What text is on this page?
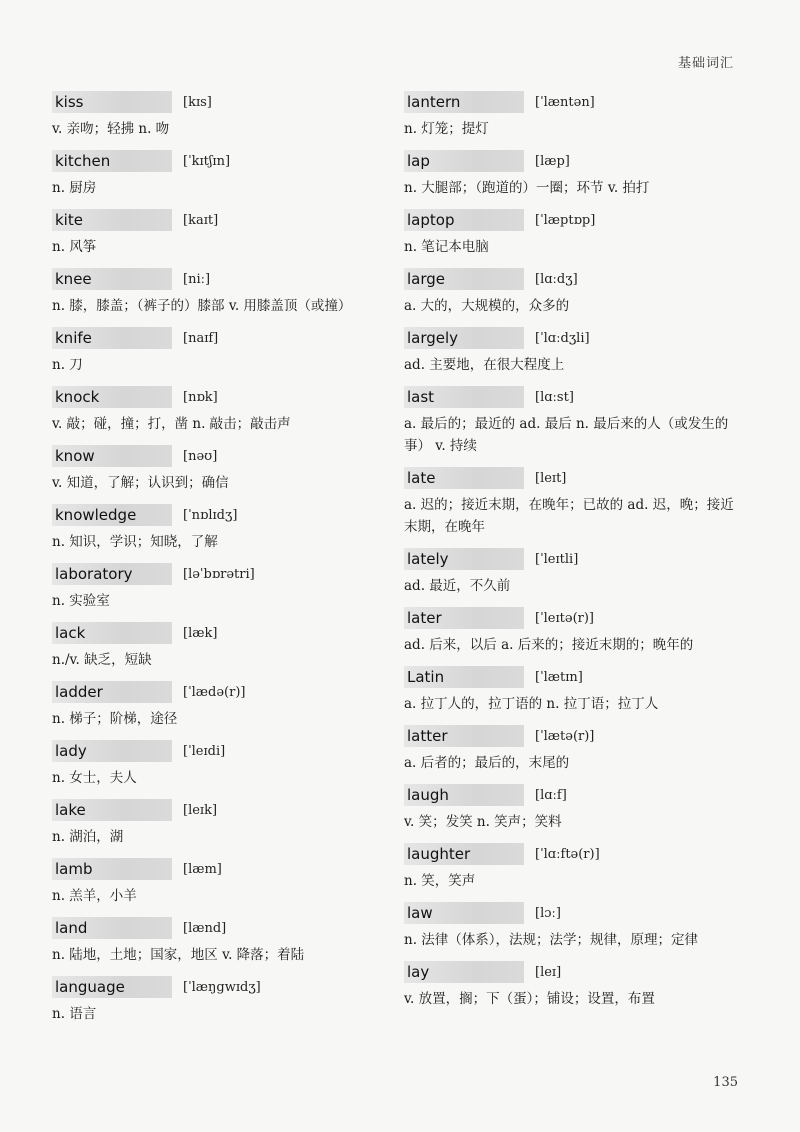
基础词汇
kiss	[kɪs]
v. 亲吻；轻拂 n. 吻
kitchen	[ˈkɪtʃɪn]
n. 厨房
kite	[kaɪt]
n. 风筝
knee	[niː]
n. 膝，膝盖；（裤子的）膝部 v. 用膝盖顶（或撞）
knife	[naɪf]
n. 刀
knock	[nɒk]
v. 敲；碰，撞；打，凿 n. 敲击；敲击声
know	[nəʊ]
v. 知道，了解；认识到；确信
knowledge	[ˈnɒlɪdʒ]
n. 知识，学识；知晓，了解
laboratory	[ləˈbɒrətri]
n. 实验室
lack	[læk]
n./v. 缺乏，短缺
ladder	[ˈlædə(r)]
n. 梯子；阶梯，途径
lady	[ˈleɪdi]
n. 女士，夫人
lake	[leɪk]
n. 湖泊，湖
lamb	[læm]
n. 羔羊，小羊
land	[lænd]
n. 陆地，土地；国家，地区 v. 降落；着陆
language	[ˈlæŋgwɪdʒ]
n. 语言
lantern	[ˈlæntən]
n. 灯笼；提灯
lap	[læp]
n. 大腿部；（跑道的）一圈；环节 v. 拍打
laptop	[ˈlæptɒp]
n. 笔记本电脑
large	[lɑːdʒ]
a. 大的，大规模的，众多的
largely	[ˈlɑːdʒli]
ad. 主要地，在很大程度上
last	[lɑːst]
a. 最后的；最近的 ad. 最后 n. 最后来的人（或发生的事） v. 持续
late	[leɪt]
a. 迟的；接近末期，在晚年；已故的 ad. 迟，晚；接近末期，在晚年
lately	[ˈleɪtli]
ad. 最近，不久前
later	[ˈleɪtə(r)]
ad. 后来，以后 a. 后来的；接近末期的；晚年的
Latin	[ˈlætɪn]
a. 拉丁人的，拉丁语的 n. 拉丁语；拉丁人
latter	[ˈlætə(r)]
a. 后者的；最后的，末尾的
laugh	[lɑːf]
v. 笑；发笑 n. 笑声；笑料
laughter	[ˈlɑːftə(r)]
n. 笑，笑声
law	[lɔː]
n. 法律（体系），法规；法学；规律，原理；定律
lay	[leɪ]
v. 放置，搁；下（蛋）；铺设；设置，布置
135
